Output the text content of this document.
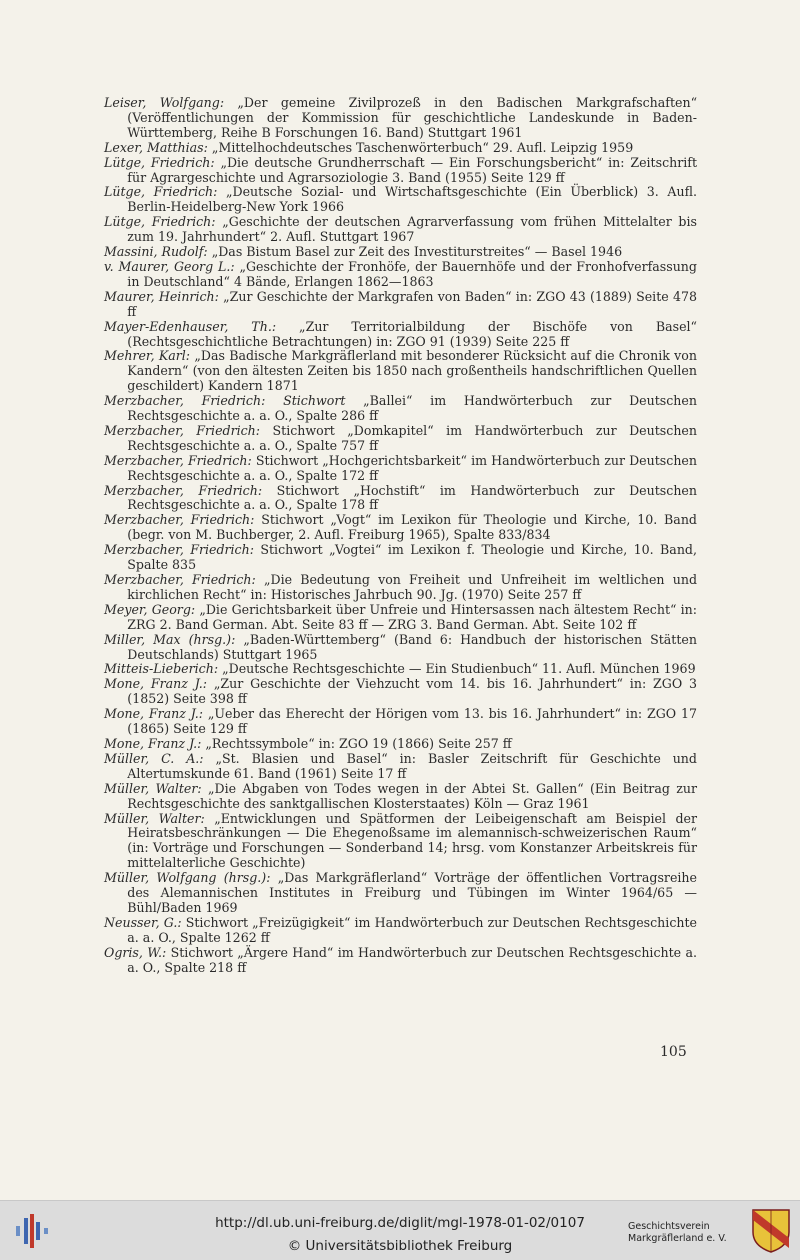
Leiser, Wolfgang: „Der gemeine Zivilprozeß in den Badischen Markgrafschaften“ (Veröffentlichungen der Kommission für geschichtliche Landeskunde in Baden-Württemberg, Reihe B Forschungen 16. Band) Stuttgart 1961

Lexer, Matthias: „Mittelhochdeutsches Taschenwörterbuch“ 29. Aufl. Leipzig 1959

Lütge, Friedrich: „Die deutsche Grundherrschaft — Ein Forschungsbericht“ in: Zeitschrift für Agrargeschichte und Agrarsoziologie 3. Band (1955) Seite 129 ff

Lütge, Friedrich: „Deutsche Sozial- und Wirtschaftsgeschichte (Ein Überblick) 3. Aufl. Berlin-Heidelberg-New York 1966

Lütge, Friedrich: „Geschichte der deutschen Agrarverfassung vom frühen Mittelalter bis zum 19. Jahrhundert“ 2. Aufl. Stuttgart 1967

Massini, Rudolf: „Das Bistum Basel zur Zeit des Investiturstreites“ — Basel 1946

v. Maurer, Georg L.: „Geschichte der Fronhöfe, der Bauernhöfe und der Fronhofverfassung in Deutschland“ 4 Bände, Erlangen 1862—1863

Maurer, Heinrich: „Zur Geschichte der Markgrafen von Baden“ in: ZGO 43 (1889) Seite 478 ff

Mayer-Edenhauser, Th.: „Zur Territorialbildung der Bischöfe von Basel“ (Rechtsgeschichtliche Betrachtungen) in: ZGO 91 (1939) Seite 225 ff

Mehrer, Karl: „Das Badische Markgräflerland mit besonderer Rücksicht auf die Chronik von Kandern“ (von den ältesten Zeiten bis 1850 nach großentheils handschriftlichen Quellen geschildert) Kandern 1871

Merzbacher, Friedrich: Stichwort „Ballei“ im Handwörterbuch zur Deutschen Rechtsgeschichte a. a. O., Spalte 286 ff

Merzbacher, Friedrich: Stichwort „Domkapitel“ im Handwörterbuch zur Deutschen Rechtsgeschichte a. a. O., Spalte 757 ff

Merzbacher, Friedrich: Stichwort „Hochgerichtsbarkeit“ im Handwörterbuch zur Deutschen Rechtsgeschichte a. a. O., Spalte 172 ff

Merzbacher, Friedrich: Stichwort „Hochstift“ im Handwörterbuch zur Deutschen Rechtsgeschichte a. a. O., Spalte 178 ff

Merzbacher, Friedrich: Stichwort „Vogt“ im Lexikon für Theologie und Kirche, 10. Band (begr. von M. Buchberger, 2. Aufl. Freiburg 1965), Spalte 833/834

Merzbacher, Friedrich: Stichwort „Vogtei“ im Lexikon f. Theologie und Kirche, 10. Band, Spalte 835

Merzbacher, Friedrich: „Die Bedeutung von Freiheit und Unfreiheit im weltlichen und kirchlichen Recht“ in: Historisches Jahrbuch 90. Jg. (1970) Seite 257 ff

Meyer, Georg: „Die Gerichtsbarkeit über Unfreie und Hintersassen nach ältestem Recht“ in: ZRG 2. Band German. Abt. Seite 83 ff — ZRG 3. Band German. Abt. Seite 102 ff

Miller, Max (hrsg.): „Baden-Württemberg“ (Band 6: Handbuch der historischen Stätten Deutschlands) Stuttgart 1965

Mitteis-Lieberich: „Deutsche Rechtsgeschichte — Ein Studienbuch“ 11. Aufl. München 1969

Mone, Franz J.: „Zur Geschichte der Viehzucht vom 14. bis 16. Jahrhundert“ in: ZGO 3 (1852) Seite 398 ff

Mone, Franz J.: „Ueber das Eherecht der Hörigen vom 13. bis 16. Jahrhundert“ in: ZGO 17 (1865) Seite 129 ff

Mone, Franz J.: „Rechtssymbole“ in: ZGO 19 (1866) Seite 257 ff

Müller, C. A.: „St. Blasien und Basel“ in: Basler Zeitschrift für Geschichte und Altertumskunde 61. Band (1961) Seite 17 ff

Müller, Walter: „Die Abgaben von Todes wegen in der Abtei St. Gallen“ (Ein Beitrag zur Rechtsgeschichte des sanktgallischen Klosterstaates) Köln — Graz 1961

Müller, Walter: „Entwicklungen und Spätformen der Leibeigenschaft am Beispiel der Heiratsbeschränkungen — Die Ehegenoßsame im alemannisch-schweizerischen Raum“ (in: Vorträge und Forschungen — Sonderband 14; hrsg. vom Konstanzer Arbeitskreis für mittelalterliche Geschichte)

Müller, Wolfgang (hrsg.): „Das Markgräflerland“ Vorträge der öffentlichen Vortragsreihe des Alemannischen Institutes in Freiburg und Tübingen im Winter 1964/65 — Bühl/Baden 1969

Neusser, G.: Stichwort „Freizügigkeit“ im Handwörterbuch zur Deutschen Rechtsgeschichte a. a. O., Spalte 1262 ff

Ogris, W.: Stichwort „Ärgere Hand“ im Handwörterbuch zur Deutschen Rechtsgeschichte a. a. O., Spalte 218 ff

105
http://dl.ub.uni-freiburg.de/diglit/mgl-1978-01-02/0107
© Universitätsbibliothek Freiburg
Geschichtsverein
Markgräflerland e. V.
